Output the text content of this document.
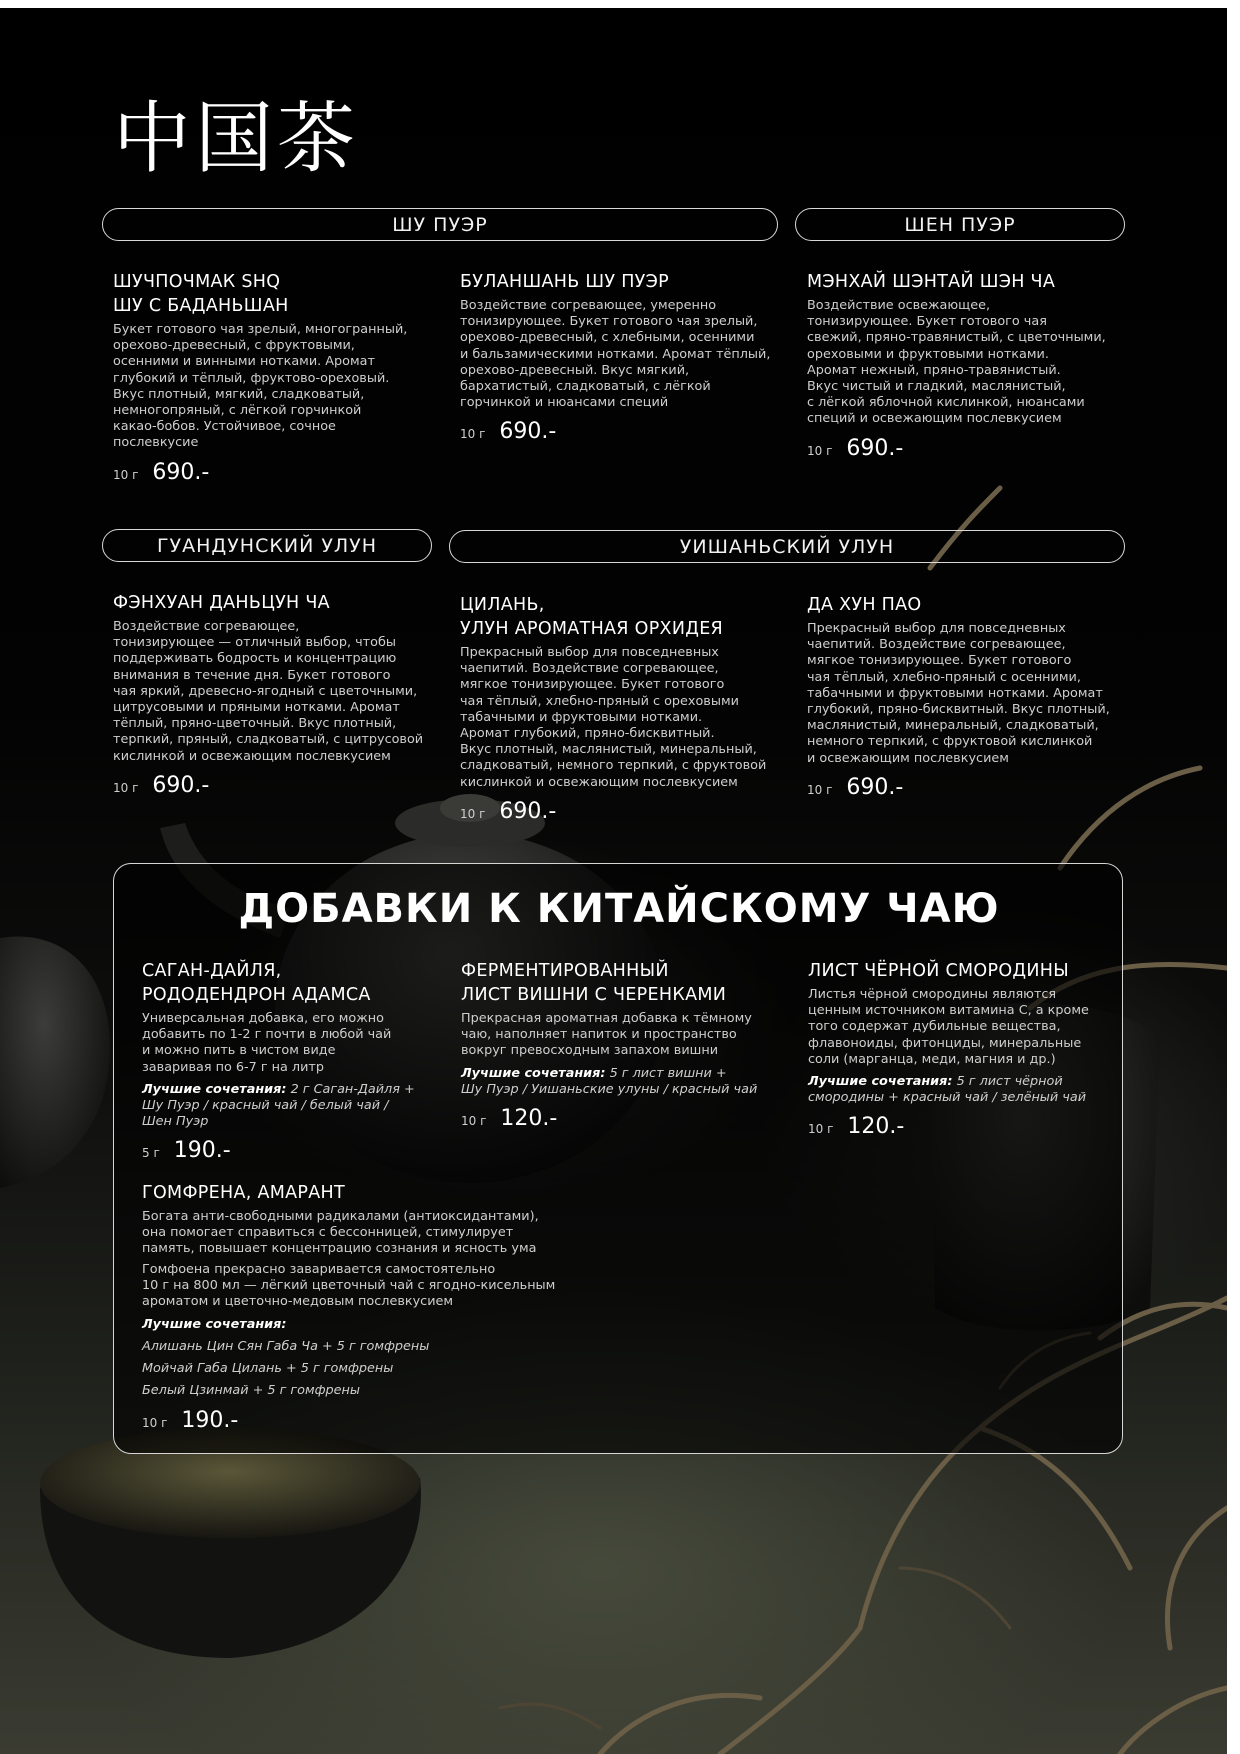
中国茶
ШУ ПУЭР	ШЕН ПУЭР
ГУАНДУНСКИЙ УЛУН	УИШАНЬСКИЙ УЛУН

ШУЧПОЧМАК SHQ
ШУ С БАДАНЬШАН

Букет готового чая зрелый, многогранный,
орехово-древесный, с фруктовыми,
осенними и винными нотками. Аромат
глубокий и тёплый, фруктово-ореховый.
Вкус плотный, мягкий, сладковатый,
немногопряный, с лёгкой горчинкой
какао-бобов. Устойчивое, сочное
послевкусие

10 г 690.-

БУЛАНШАНЬ ШУ ПУЭР

Воздействие согревающее, умеренно
тонизирующее. Букет готового чая зрелый,
орехово-древесный, с хлебными, осенними
и бальзамическими нотками. Аромат тёплый,
орехово-древесный. Вкус мягкий,
бархатистый, сладковатый, с лёгкой
горчинкой и нюансами специй

10 г 690.-

МЭНХАЙ ШЭНТАЙ ШЭН ЧА

Воздействие освежающее,
тонизирующее. Букет готового чая
свежий, пряно-травянистый, с цветочными,
ореховыми и фруктовыми нотками.
Аромат нежный, пряно-травянистый.
Вкус чистый и гладкий, маслянистый,
с лёгкой яблочной кислинкой, нюансами
специй и освежающим послевкусием

10 г 690.-

ФЭНХУАН ДАНЬЦУН ЧА

Воздействие согревающее,
тонизирующее — отличный выбор, чтобы
поддерживать бодрость и концентрацию
внимания в течение дня. Букет готового
чая яркий, древесно-ягодный с цветочными,
цитрусовыми и пряными нотками. Аромат
тёплый, пряно-цветочный. Вкус плотный,
терпкий, пряный, сладковатый, с цитрусовой
кислинкой и освежающим послевкусием

10 г 690.-

ЦИЛАНЬ,
УЛУН АРОМАТНАЯ ОРХИДЕЯ

Прекрасный выбор для повседневных
чаепитий. Воздействие согревающее,
мягкое тонизирующее. Букет готового
чая тёплый, хлебно-пряный с ореховыми
табачными и фруктовыми нотками.
Аромат глубокий, пряно-бисквитный.
Вкус плотный, маслянистый, минеральный,
сладковатый, немного терпкий, с фруктовой
кислинкой и освежающим послевкусием

10 г 690.-

ДА ХУН ПАО

Прекрасный выбор для повседневных
чаепитий. Воздействие согревающее,
мягкое тонизирующее. Букет готового
чая тёплый, хлебно-пряный с осенними,
табачными и фруктовыми нотками. Аромат
глубокий, пряно-бисквитный. Вкус плотный,
маслянистый, минеральный, сладковатый,
немного терпкий, с фруктовой кислинкой
и освежающим послевкусием

10 г 690.-
ДОБАВКИ К КИТАЙСКОМУ ЧАЮ

САГАН-ДАЙЛЯ,
РОДОДЕНДРОН АДАМСА

Универсальная добавка, его можно
добавить по 1-2 г почти в любой чай
и можно пить в чистом виде
заваривая по 6-7 г на литр

Лучшие сочетания: 2 г Саган-Дайля +
Шу Пуэр / красный чай / белый чай /
Шен Пуэр

5 г 190.-

ФЕРМЕНТИРОВАННЫЙ
ЛИСТ ВИШНИ С ЧЕРЕНКАМИ

Прекрасная ароматная добавка к тёмному
чаю, наполняет напиток и пространство
вокруг превосходным запахом вишни

Лучшие сочетания: 5 г лист вишни +
Шу Пуэр / Уишаньские улуны / красный чай

10 г 120.-

ЛИСТ ЧЁРНОЙ СМОРОДИНЫ

Листья чёрной смородины являются
ценным источником витамина С, а кроме
того содержат дубильные вещества,
флавоноиды, фитонциды, минеральные
соли (марганца, меди, магния и др.)

Лучшие сочетания: 5 г лист чёрной
смородины + красный чай / зелёный чай

10 г 120.-

ГОМФРЕНА, АМАРАНТ

Богата анти-свободными радикалами (антиоксидантами),
она помогает справиться с бессонницей, стимулирует
память, повышает концентрацию сознания и ясность ума

Гомфоена прекрасно заваривается самостоятельно
10 г на 800 мл — лёгкий цветочный чай с ягодно-кисельным
ароматом и цветочно-медовым послевкусием

Лучшие сочетания:
Алишань Цин Сян Габа Ча + 5 г гомфрены
Мойчай Габа Цилань + 5 г гомфрены
Белый Цзинмай + 5 г гомфрены
10 г 190.-
